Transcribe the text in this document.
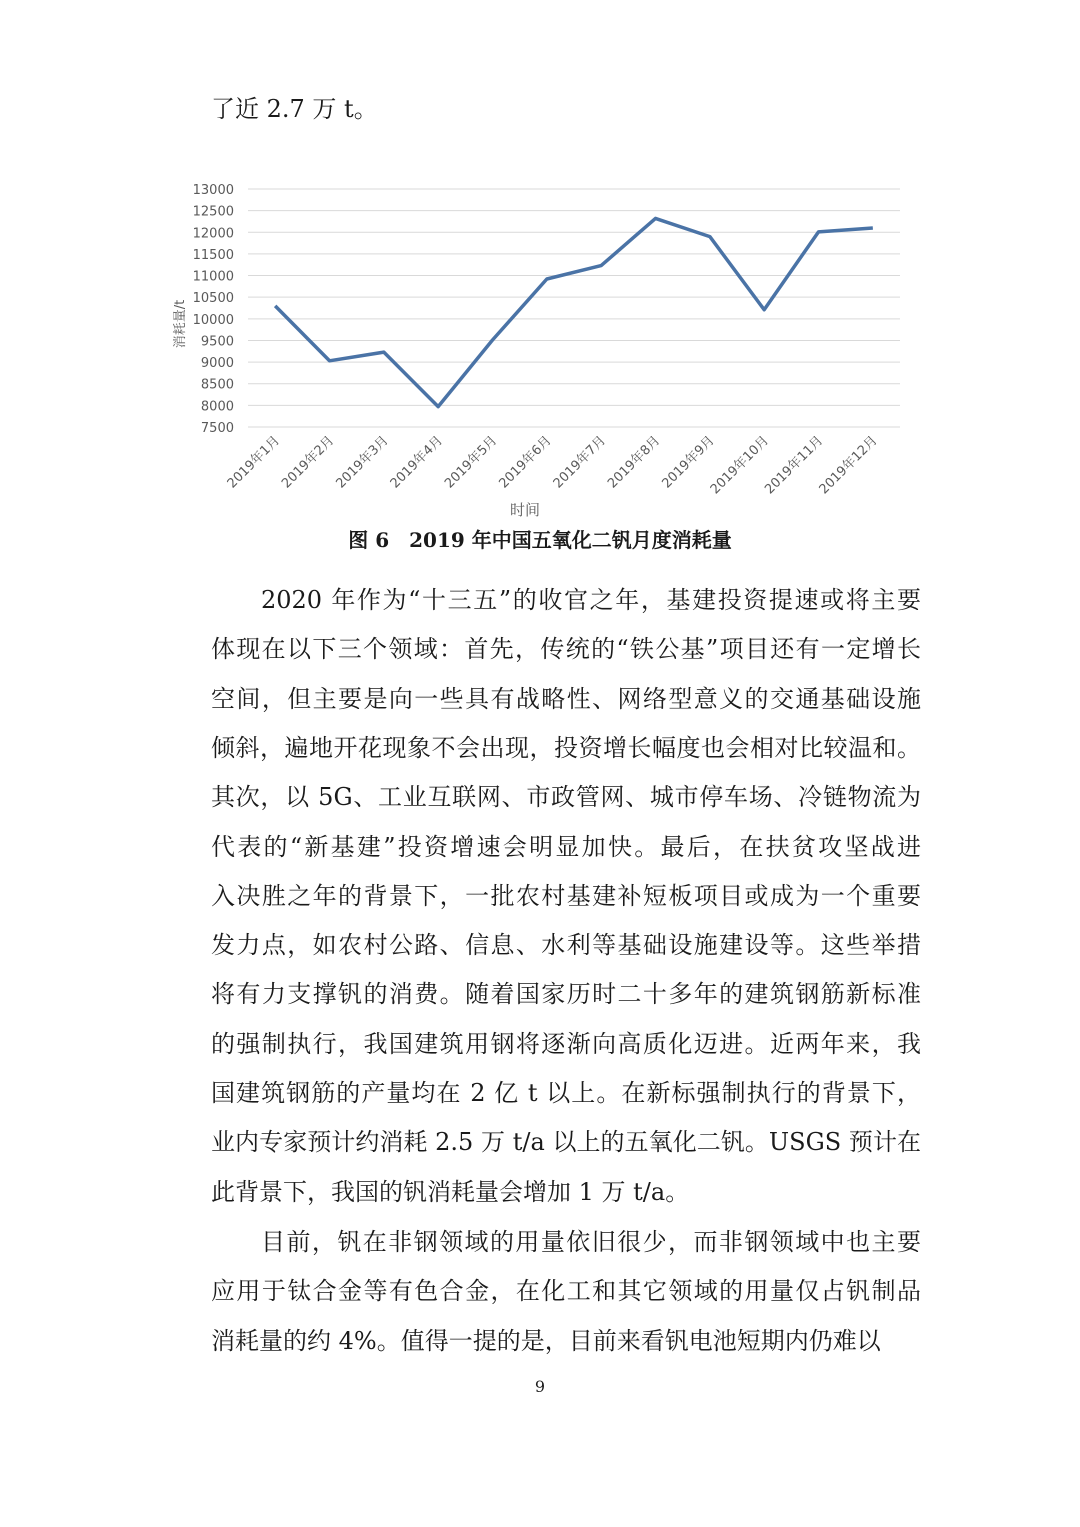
了近 2.7 万 t。
7500
8000
8500
9000
9500
10000
10500
11000
11500
12000
12500
13000
2019年1月
2019年2月
2019年3月
2019年4月
2019年5月
2019年6月
2019年7月
2019年8月
2019年9月
2019年10月
2019年11月
2019年12月
消耗量/t
时间
图 6　2019 年中国五氧化二钒月度消耗量
2020 年作为“十三五”的收官之年，基建投资提速或将主要
体现在以下三个领域：首先，传统的“铁公基”项目还有一定增长
空间，但主要是向一些具有战略性、网络型意义的交通基础设施
倾斜，遍地开花现象不会出现，投资增长幅度也会相对比较温和。
其次，以 5G、工业互联网、市政管网、城市停车场、冷链物流为
代表的“新基建”投资增速会明显加快。最后，在扶贫攻坚战进
入决胜之年的背景下，一批农村基建补短板项目或成为一个重要
发力点，如农村公路、信息、水利等基础设施建设等。这些举措
将有力支撑钒的消费。随着国家历时二十多年的建筑钢筋新标准
的强制执行，我国建筑用钢将逐渐向高质化迈进。近两年来，我
国建筑钢筋的产量均在 2 亿 t 以上。在新标强制执行的背景下，
业内专家预计约消耗 2.5 万 t/a 以上的五氧化二钒。USGS 预计在
此背景下，我国的钒消耗量会增加 1 万 t/a。
目前，钒在非钢领域的用量依旧很少，而非钢领域中也主要
应用于钛合金等有色合金，在化工和其它领域的用量仅占钒制品
消耗量的约 4%。值得一提的是，目前来看钒电池短期内仍难以
9
